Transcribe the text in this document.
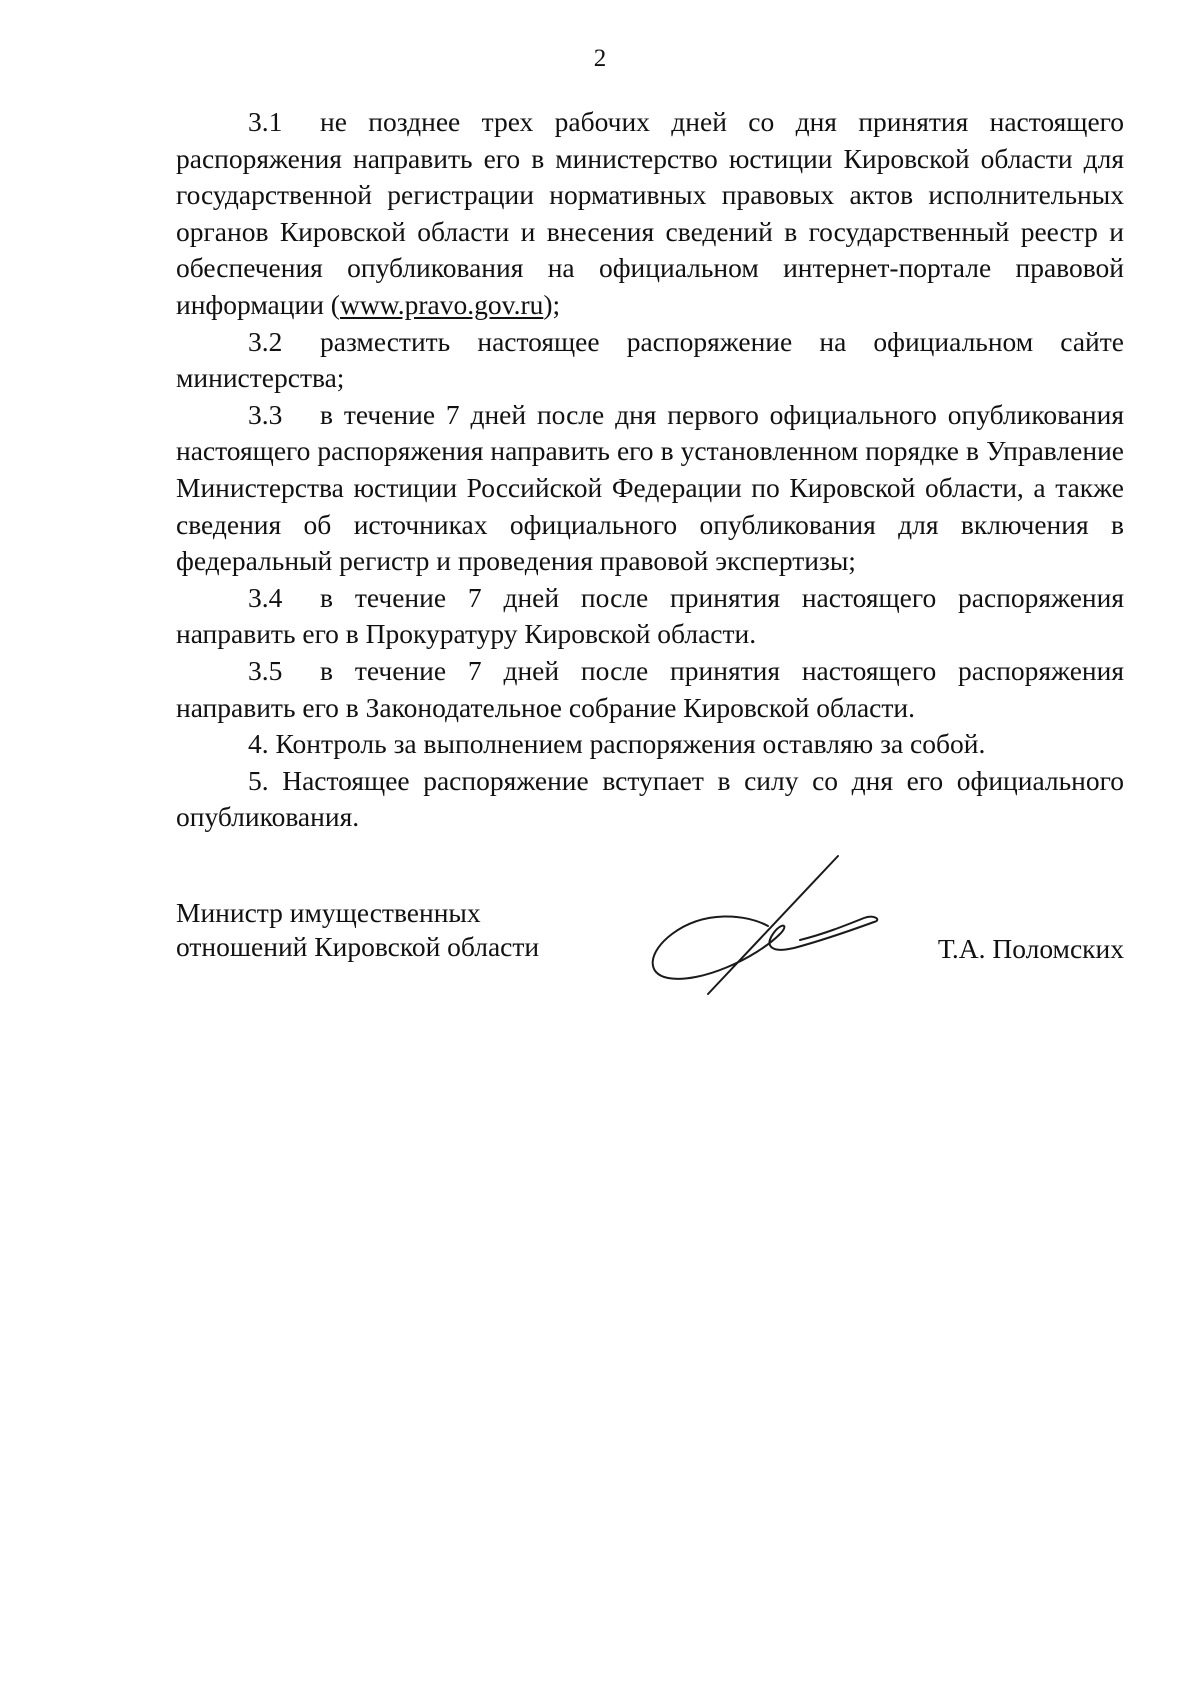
2

3.1 не позднее трех рабочих дней со дня принятия настоящего распоряжения направить его в министерство юстиции Кировской области для государственной регистрации нормативных правовых актов исполнительных органов Кировской области и внесения сведений в государственный реестр и обеспечения опубликования на официальном интернет-портале правовой информации (www.pravo.gov.ru);

3.2 разместить настоящее распоряжение на официальном сайте министерства;

3.3 в течение 7 дней после дня первого официального опубликования настоящего распоряжения направить его в установленном порядке в Управление Министерства юстиции Российской Федерации по Кировской области, а также сведения об источниках официального опубликования для включения в федеральный регистр и проведения правовой экспертизы;

3.4 в течение 7 дней после принятия настоящего распоряжения направить его в Прокуратуру Кировской области.

3.5 в течение 7 дней после принятия настоящего распоряжения направить его в Законодательное собрание Кировской области.

4. Контроль за выполнением распоряжения оставляю за собой.

5. Настоящее распоряжение вступает в силу со дня его официального опубликования.

Министр имущественных
отношений Кировской области	Т.А. Поломских
